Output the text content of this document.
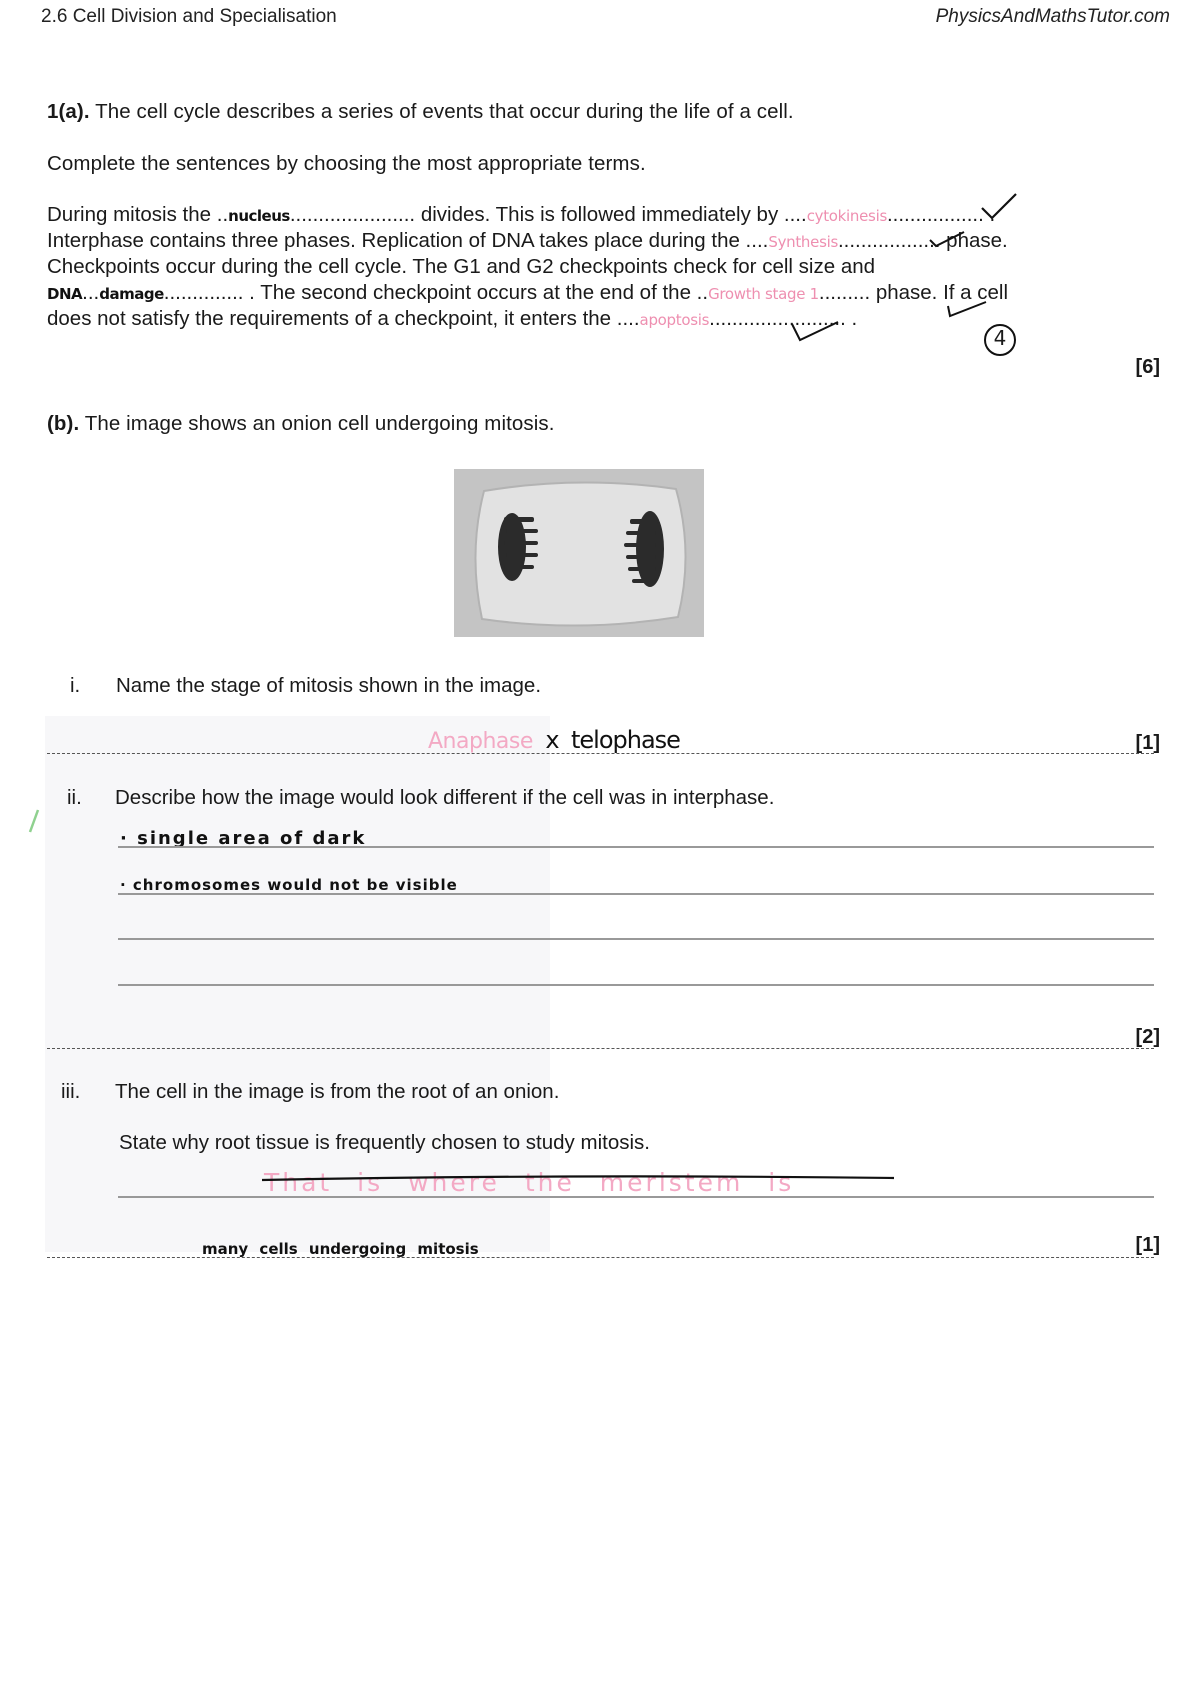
2.6 Cell Division and Specialisation	PhysicsAndMathsTutor.com
1(a). The cell cycle describes a series of events that occur during the life of a cell.
Complete the sentences by choosing the most appropriate terms.
During mitosis the ..nucleus...................... divides. This is followed immediately by ....cytokinesis................. .
Interphase contains three phases. Replication of DNA takes place during the ....Synthesis.................. phase.
Checkpoints occur during the cell cycle. The G1 and G2 checkpoints check for cell size and
DNA...damage.............. . The second checkpoint occurs at the end of the ..Growth stage 1......... phase. If a cell
does not satisfy the requirements of a checkpoint, it enters the ....apoptosis........................ .
4
[6]
(b). The image shows an onion cell undergoing mitosis.
i. Name the stage of mitosis shown in the image.
Anaphase x telophase	[1]
ii. Describe how the image would look different if the cell was in interphase.
· single area of dark
· chromosomes would not be visible
[2]
iii. The cell in the image is from the root of an onion.
State why root tissue is frequently chosen to study mitosis.
That is where the meristem is
many cells undergoing mitosis	[1]
